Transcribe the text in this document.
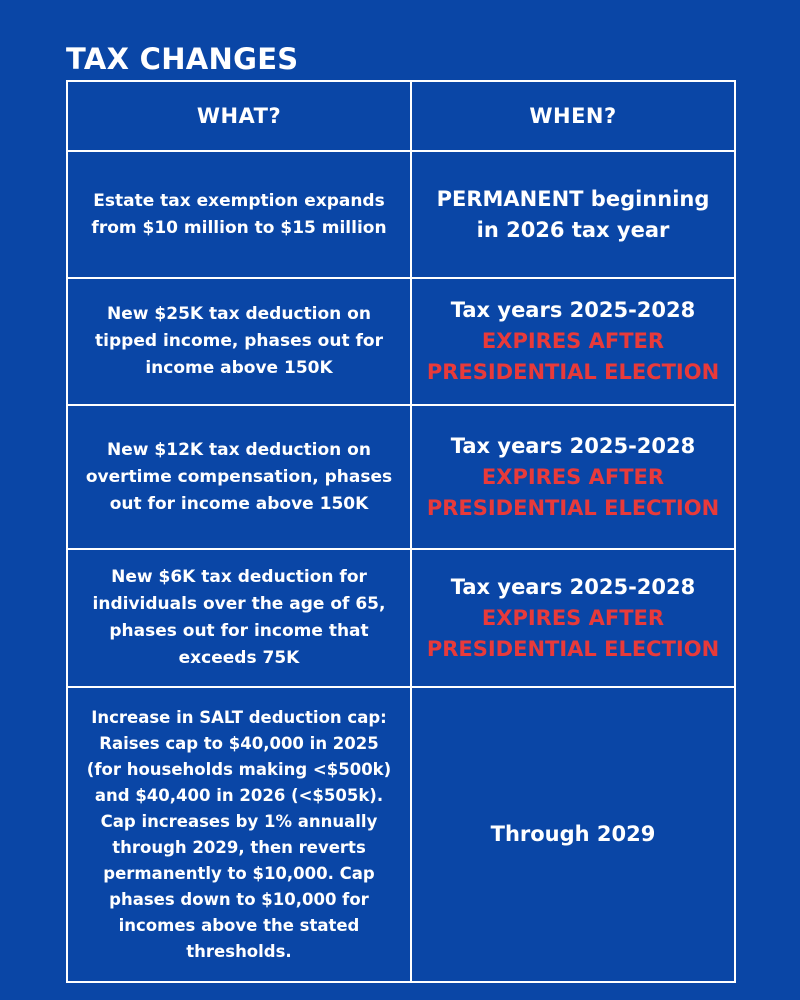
TAX CHANGES
WHAT?	WHEN?
Estate tax exemption expands from $10 million to $15 million	PERMANENT beginning in 2026 tax year

New $25K tax deduction on tipped income, phases out for income above 150K	Tax years 2025-2028
EXPIRES AFTER PRESIDENTIAL ELECTION

New $12K tax deduction on overtime compensation, phases out for income above 150K	Tax years 2025-2028
EXPIRES AFTER PRESIDENTIAL ELECTION

New $6K tax deduction for individuals over the age of 65, phases out for income that exceeds 75K	Tax years 2025-2028
EXPIRES AFTER PRESIDENTIAL ELECTION

Increase in SALT deduction cap: Raises cap to $40,000 in 2025 (for households making <$500k) and $40,400 in 2026 (<$505k). Cap increases by 1% annually through 2029, then reverts permanently to $10,000. Cap phases down to $10,000 for incomes above the stated thresholds.	Through 2029
